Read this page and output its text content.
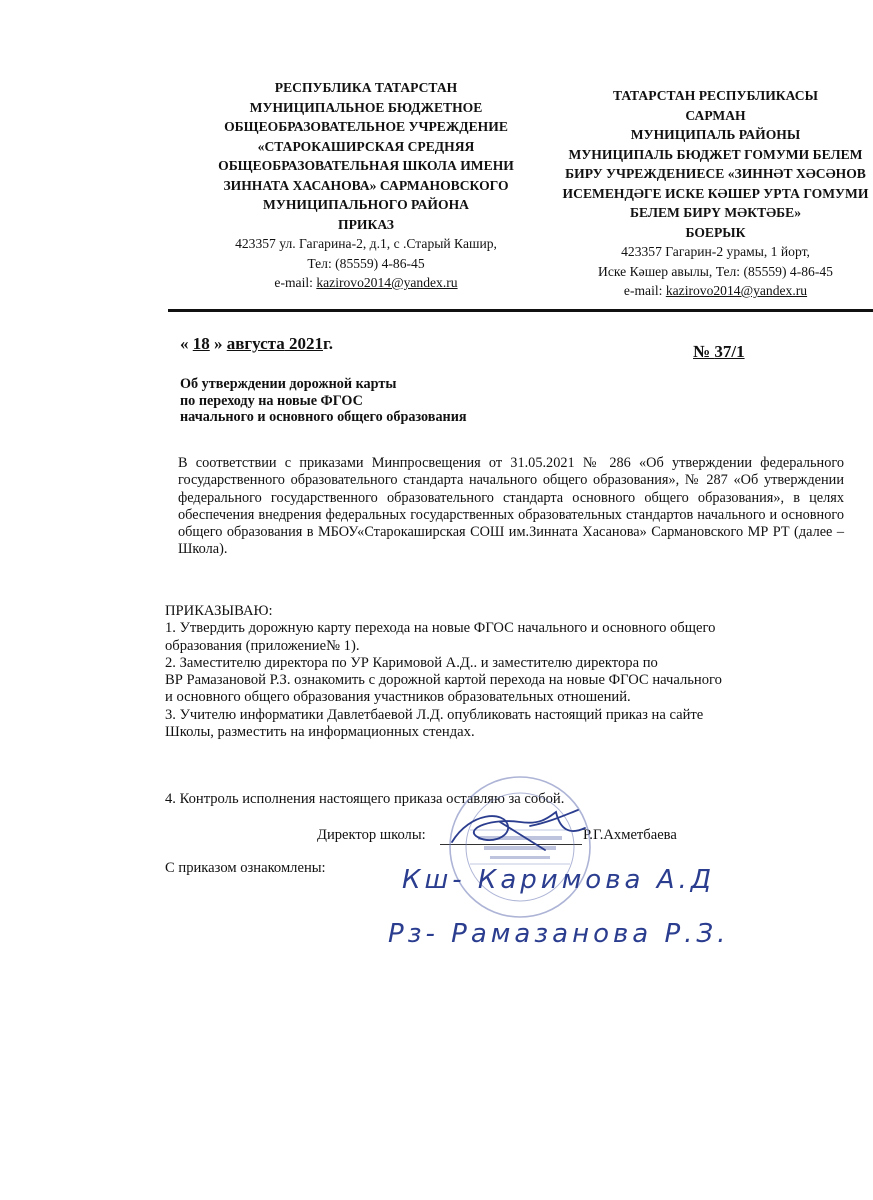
РЕСПУБЛИКА ТАТАРСТАН
МУНИЦИПАЛЬНОЕ БЮДЖЕТНОЕ
ОБЩЕОБРАЗОВАТЕЛЬНОЕ УЧРЕЖДЕНИЕ
«СТАРОКАШИРСКАЯ СРЕДНЯЯ
ОБЩЕОБРАЗОВАТЕЛЬНАЯ ШКОЛА ИМЕНИ
ЗИННАТА ХАСАНОВА» САРМАНОВСКОГО
МУНИЦИПАЛЬНОГО РАЙОНА
ПРИКАЗ
423357 ул. Гагарина-2, д.1, с .Старый Кашир,
Тел: (85559) 4-86-45
e-mail: kazirovo2014@yandex.ru
ТАТАРСТАН РЕСПУБЛИКАСЫ
САРМАН
МУНИЦИПАЛЬ РАЙОНЫ
МУНИЦИПАЛЬ БЮДЖЕТ ГОМУМИ БЕЛЕМ
БИРУ УЧРЕЖДЕНИЕСЕ «ЗИННӘТ ХӘСӘНОВ
ИСЕМЕНДӘГЕ ИСКЕ КӘШЕР УРТА ГОМУМИ
БЕЛЕМ БИРҮ МӘКТӘБЕ»
БОЕРЫК
423357 Гагарин-2 урамы, 1 йорт,
Иске Кәшер авылы, Тел: (85559) 4-86-45
e-mail: kazirovo2014@yandex.ru
« 18 » августа 2021г.	№ 37/1
Об утверждении дорожной карты
по переходу на новые ФГОС
начального и основного общего образования
В соответствии с приказами Минпросвещения от 31.05.2021 № 286 «Об утверждении федерального государственного образовательного стандарта начального общего образования», № 287 «Об утверждении федерального государственного образовательного стандарта основного общего образования», в целях обеспечения внедрения федеральных государственных образовательных стандартов начального и основного общего образования в МБОУ«Старокаширская СОШ им.Зинната Хасанова» Сармановского МР РТ (далее – Школа).
ПРИКАЗЫВАЮ:
1. Утвердить дорожную карту перехода на новые ФГОС начального и основного общего
образования (приложение№ 1).
2. Заместителю директора по УР Каримовой А.Д.. и заместителю директора по
ВР Рамазановой Р.З. ознакомить с дорожной картой перехода на новые ФГОС начального
и основного общего образования участников образовательных отношений.
3. Учителю информатики Давлетбаевой Л.Д. опубликовать настоящий приказ на сайте
Школы, разместить на информационных стендах.
4. Контроль исполнения настоящего приказа оставляю за собой.
Директор школы:	Р.Г.Ахметбаева
С приказом ознакомлены:	Кш- Каримова А.Д
Рз- Рамазанова Р.З.
